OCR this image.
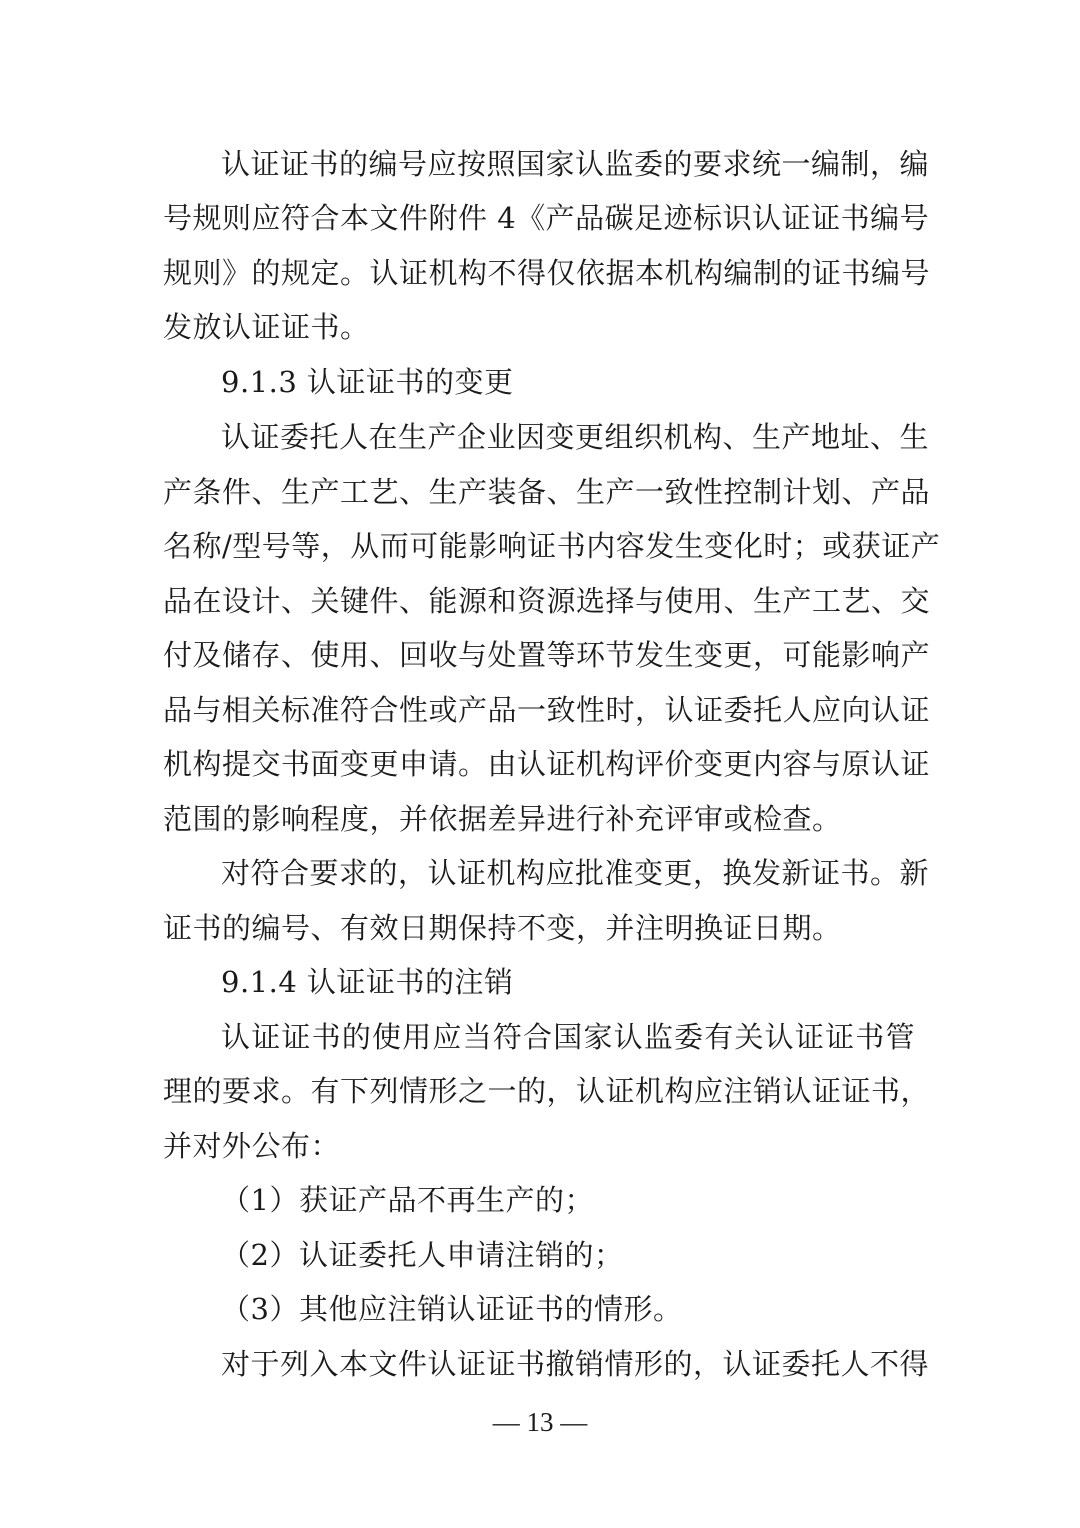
认证证书的编号应按照国家认监委的要求统一编制，编
号规则应符合本文件附件 4《产品碳足迹标识认证证书编号
规则》的规定。认证机构不得仅依据本机构编制的证书编号
发放认证证书。
9.1.3 认证证书的变更
认证委托人在生产企业因变更组织机构、生产地址、生
产条件、生产工艺、生产装备、生产一致性控制计划、产品
名称/型号等，从而可能影响证书内容发生变化时；或获证产
品在设计、关键件、能源和资源选择与使用、生产工艺、交
付及储存、使用、回收与处置等环节发生变更，可能影响产
品与相关标准符合性或产品一致性时，认证委托人应向认证
机构提交书面变更申请。由认证机构评价变更内容与原认证
范围的影响程度，并依据差异进行补充评审或检查。
对符合要求的，认证机构应批准变更，换发新证书。新
证书的编号、有效日期保持不变，并注明换证日期。
9.1.4 认证证书的注销
认证证书的使用应当符合国家认监委有关认证证书管
理的要求。有下列情形之一的，认证机构应注销认证证书，
并对外公布：
（1）获证产品不再生产的；
（2）认证委托人申请注销的；
（3）其他应注销认证证书的情形。
对于列入本文件认证证书撤销情形的，认证委托人不得
— 13 —
